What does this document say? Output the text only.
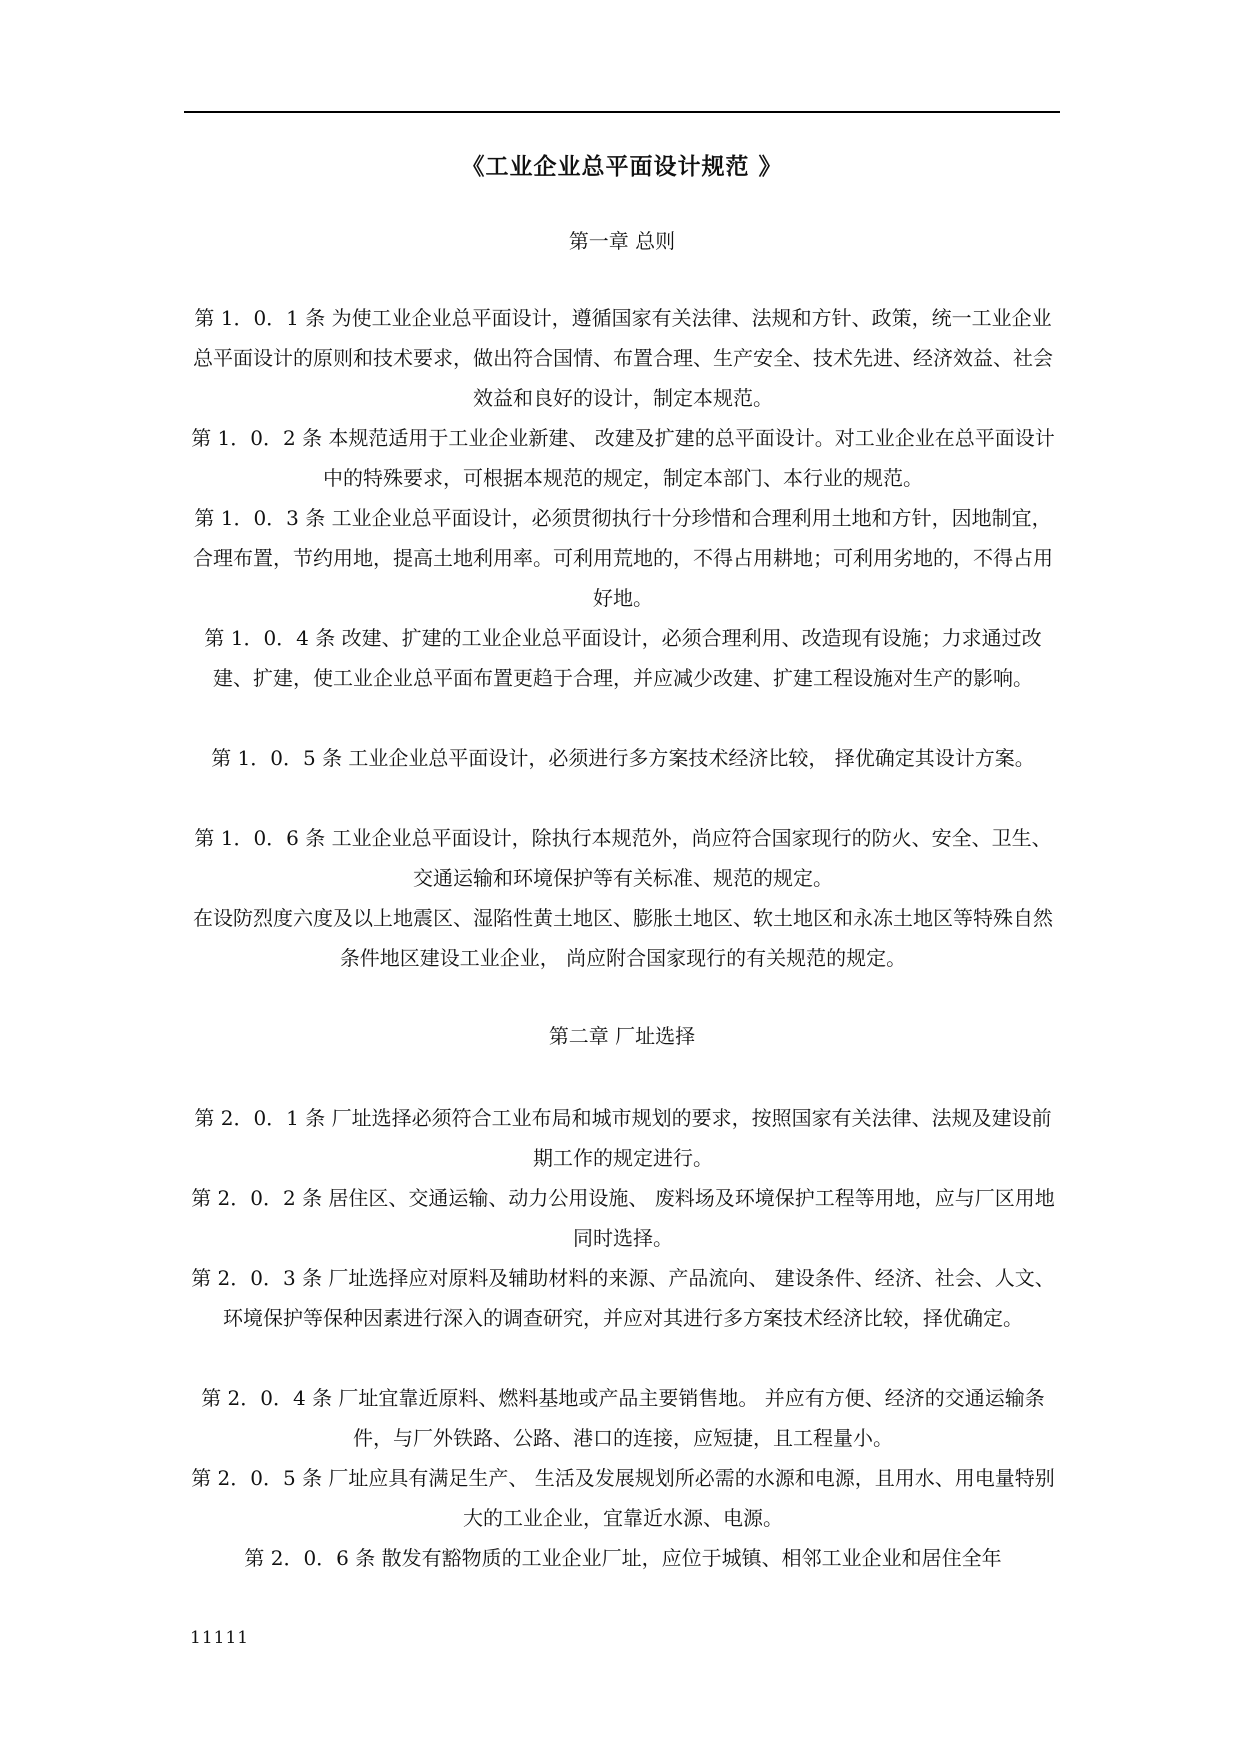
《工业企业总平面设计规范 》
第一章 总则

第 1．0．1 条 为使工业企业总平面设计，遵循国家有关法律、法规和方针、政策，统一工业企业总平面设计的原则和技术要求，做出符合国情、布置合理、生产安全、技术先进、经济效益、社会效益和良好的设计，制定本规范。

第 1．0．2 条 本规范适用于工业企业新建、 改建及扩建的总平面设计。对工业企业在总平面设计中的特殊要求，可根据本规范的规定，制定本部门、本行业的规范。

第 1．0．3 条 工业企业总平面设计，必须贯彻执行十分珍惜和合理利用土地和方针，因地制宜，合理布置，节约用地，提高土地利用率。可利用荒地的，不得占用耕地；可利用劣地的，不得占用好地。

第 1．0．4 条 改建、扩建的工业企业总平面设计，必须合理利用、改造现有设施；力求通过改建、扩建，使工业企业总平面布置更趋于合理，并应减少改建、扩建工程设施对生产的影响。

第 1．0．5 条 工业企业总平面设计，必须进行多方案技术经济比较， 择优确定其设计方案。

第 1．0．6 条 工业企业总平面设计，除执行本规范外，尚应符合国家现行的防火、安全、卫生、交通运输和环境保护等有关标准、规范的规定。

在设防烈度六度及以上地震区、湿陷性黄土地区、膨胀土地区、软土地区和永冻土地区等特殊自然条件地区建设工业企业， 尚应附合国家现行的有关规范的规定。

第二章 厂址选择

第 2．0．1 条 厂址选择必须符合工业布局和城市规划的要求，按照国家有关法律、法规及建设前期工作的规定进行。

第 2．0．2 条 居住区、交通运输、动力公用设施、 废料场及环境保护工程等用地，应与厂区用地同时选择。

第 2．0．3 条 厂址选择应对原料及辅助材料的来源、产品流向、 建设条件、经济、社会、人文、环境保护等保种因素进行深入的调查研究，并应对其进行多方案技术经济比较，择优确定。

第 2．0．4 条 厂址宜靠近原料、燃料基地或产品主要销售地。 并应有方便、经济的交通运输条件，与厂外铁路、公路、港口的连接，应短捷，且工程量小。

第 2．0．5 条 厂址应具有满足生产、 生活及发展规划所必需的水源和电源，且用水、用电量特别大的工业企业，宜靠近水源、电源。

第 2．0．6 条 散发有豁物质的工业企业厂址，应位于城镇、相邻工业企业和居住全年

11111
